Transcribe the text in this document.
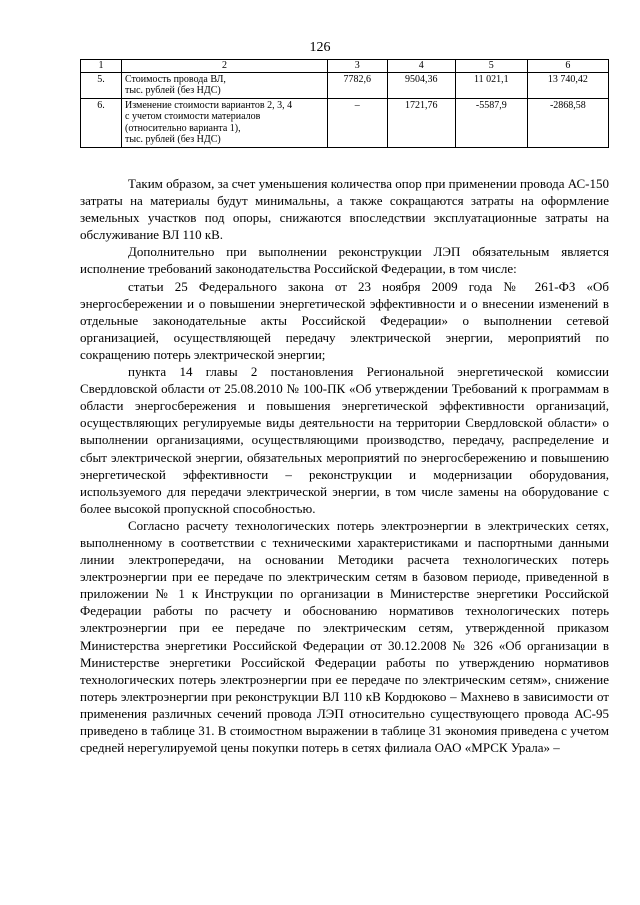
126
1	2	3	4	5	6
5.	Стоимость провода ВЛ,
тыс. рублей (без НДС)	7782,6	9504,36	11 021,1	13 740,42
6.	Изменение стоимости вариантов 2, 3, 4
с учетом стоимости материалов
(относительно варианта 1),
тыс. рублей (без НДС)	–	1721,76	-5587,9	-2868,58

Таким образом, за счет уменьшения количества опор при применении провода АС-150 затраты на материалы будут минимальны, а также сокращаются затраты на оформление земельных участков под опоры, снижаются впоследствии эксплуатационные затраты на обслуживание ВЛ 110 кВ.

Дополнительно при выполнении реконструкции ЛЭП обязательным является исполнение требований законодательства Российской Федерации, в том числе:

статьи 25 Федерального закона от 23 ноября 2009 года № 261-ФЗ «Об энергосбережении и о повышении энергетической эффективности и о внесении изменений в отдельные законодательные акты Российской Федерации» о выполнении сетевой организацией, осуществляющей передачу электрической энергии, мероприятий по сокращению потерь электрической энергии;

пункта 14 главы 2 постановления Региональной энергетической комиссии Свердловской области от 25.08.2010 № 100-ПК «Об утверждении Требований к программам в области энергосбережения и повышения энергетической эффективности организаций, осуществляющих регулируемые виды деятельности на территории Свердловской области» о выполнении организациями, осуществляющими производство, передачу, распределение и сбыт электрической энергии, обязательных мероприятий по энергосбережению и повышению энергетической эффективности – реконструкции и модернизации оборудования, используемого для передачи электрической энергии, в том числе замены на оборудование с более высокой пропускной способностью.

Согласно расчету технологических потерь электроэнергии в электрических сетях, выполненному в соответствии с техническими характеристиками и паспортными данными линии электропередачи, на основании Методики расчета технологических потерь электроэнергии при ее передаче по электрическим сетям в базовом периоде, приведенной в приложении № 1 к Инструкции по организации в Министерстве энергетики Российской Федерации работы по расчету и обоснованию нормативов технологических потерь электроэнергии при ее передаче по электрическим сетям, утвержденной приказом Министерства энергетики Российской Федерации от 30.12.2008 № 326 «Об организации в Министерстве энергетики Российской Федерации работы по утверждению нормативов технологических потерь электроэнергии при ее передаче по электрическим сетям», снижение потерь электроэнергии при реконструкции ВЛ 110 кВ Кордюково – Махнево в зависимости от применения различных сечений провода ЛЭП относительно существующего провода АС-95 приведено в таблице 31. В стоимостном выражении в таблице 31 экономия приведена с учетом средней нерегулируемой цены покупки потерь в сетях филиала ОАО «МРСК Урала» –
